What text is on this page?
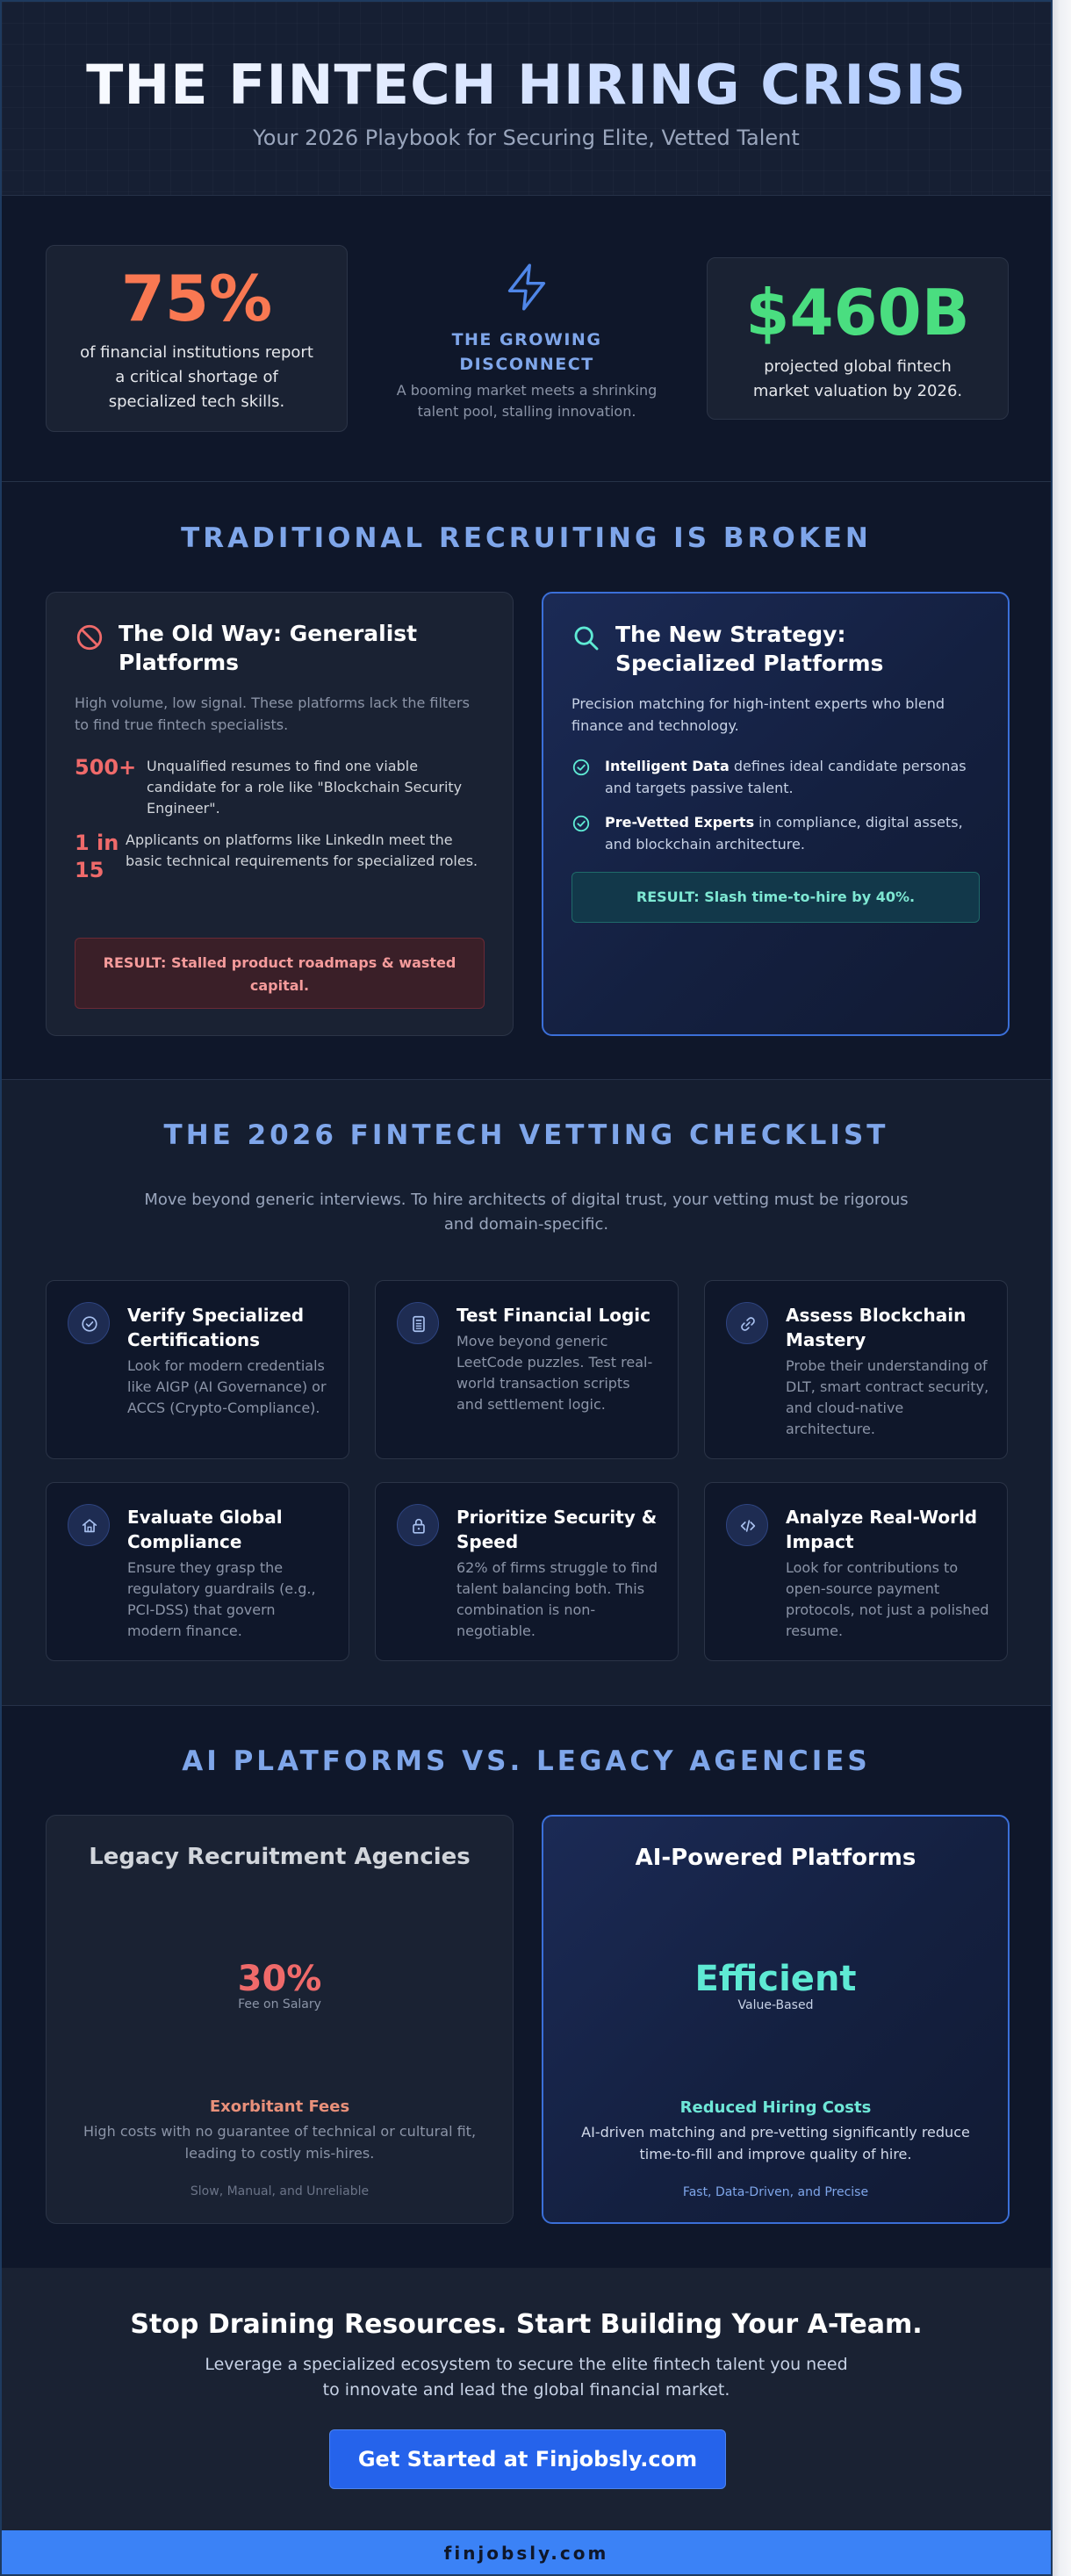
THE FINTECH HIRING CRISIS
Your 2026 Playbook for Securing Elite, Vetted Talent
75%
of financial institutions report a critical shortage of specialized tech skills.
THE GROWING DISCONNECT
A booming market meets a shrinking talent pool, stalling innovation.
$460B
projected global fintech market valuation by 2026.
TRADITIONAL RECRUITING IS BROKEN
The Old Way: Generalist Platforms
High volume, low signal. These platforms lack the filters to find true fintech specialists.
500+ Unqualified resumes to find one viable candidate for a role like "Blockchain Security Engineer".
1 in 15
Applicants on platforms like LinkedIn meet the basic technical requirements for specialized roles.
RESULT: Stalled product roadmaps & wasted capital.
The New Strategy: Specialized Platforms
Precision matching for high-intent experts who blend finance and technology.
Intelligent Data defines ideal candidate personas and targets passive talent.
Pre-Vetted Experts in compliance, digital assets, and blockchain architecture.
RESULT: Slash time-to-hire by 40%.
THE 2026 FINTECH VETTING CHECKLIST
Move beyond generic interviews. To hire architects of digital trust, your vetting must be rigorous and domain-specific.
Verify Specialized Certifications
Look for modern credentials like AIGP (AI Governance) or ACCS (Crypto-Compliance).
Test Financial Logic
Move beyond generic LeetCode puzzles. Test real-world transaction scripts and settlement logic.
Assess Blockchain Mastery
Probe their understanding of DLT, smart contract security, and cloud-native architecture.
Evaluate Global Compliance
Ensure they grasp the regulatory guardrails (e.g., PCI-DSS) that govern modern finance.
Prioritize Security & Speed
62% of firms struggle to find talent balancing both. This combination is non-negotiable.
Analyze Real-World Impact
Look for contributions to open-source payment protocols, not just a polished resume.
AI PLATFORMS VS. LEGACY AGENCIES
Legacy Recruitment Agencies
30%
Fee on Salary
Exorbitant Fees
High costs with no guarantee of technical or cultural fit, leading to costly mis-hires.
Slow, Manual, and Unreliable
AI-Powered Platforms
Efficient
Value-Based
Reduced Hiring Costs
AI-driven matching and pre-vetting significantly reduce time-to-fill and improve quality of hire.
Fast, Data-Driven, and Precise
Stop Draining Resources. Start Building Your A-Team.
Leverage a specialized ecosystem to secure the elite fintech talent you need to innovate and lead the global financial market.
Get Started at Finjobsly.com
finjobsly.com
